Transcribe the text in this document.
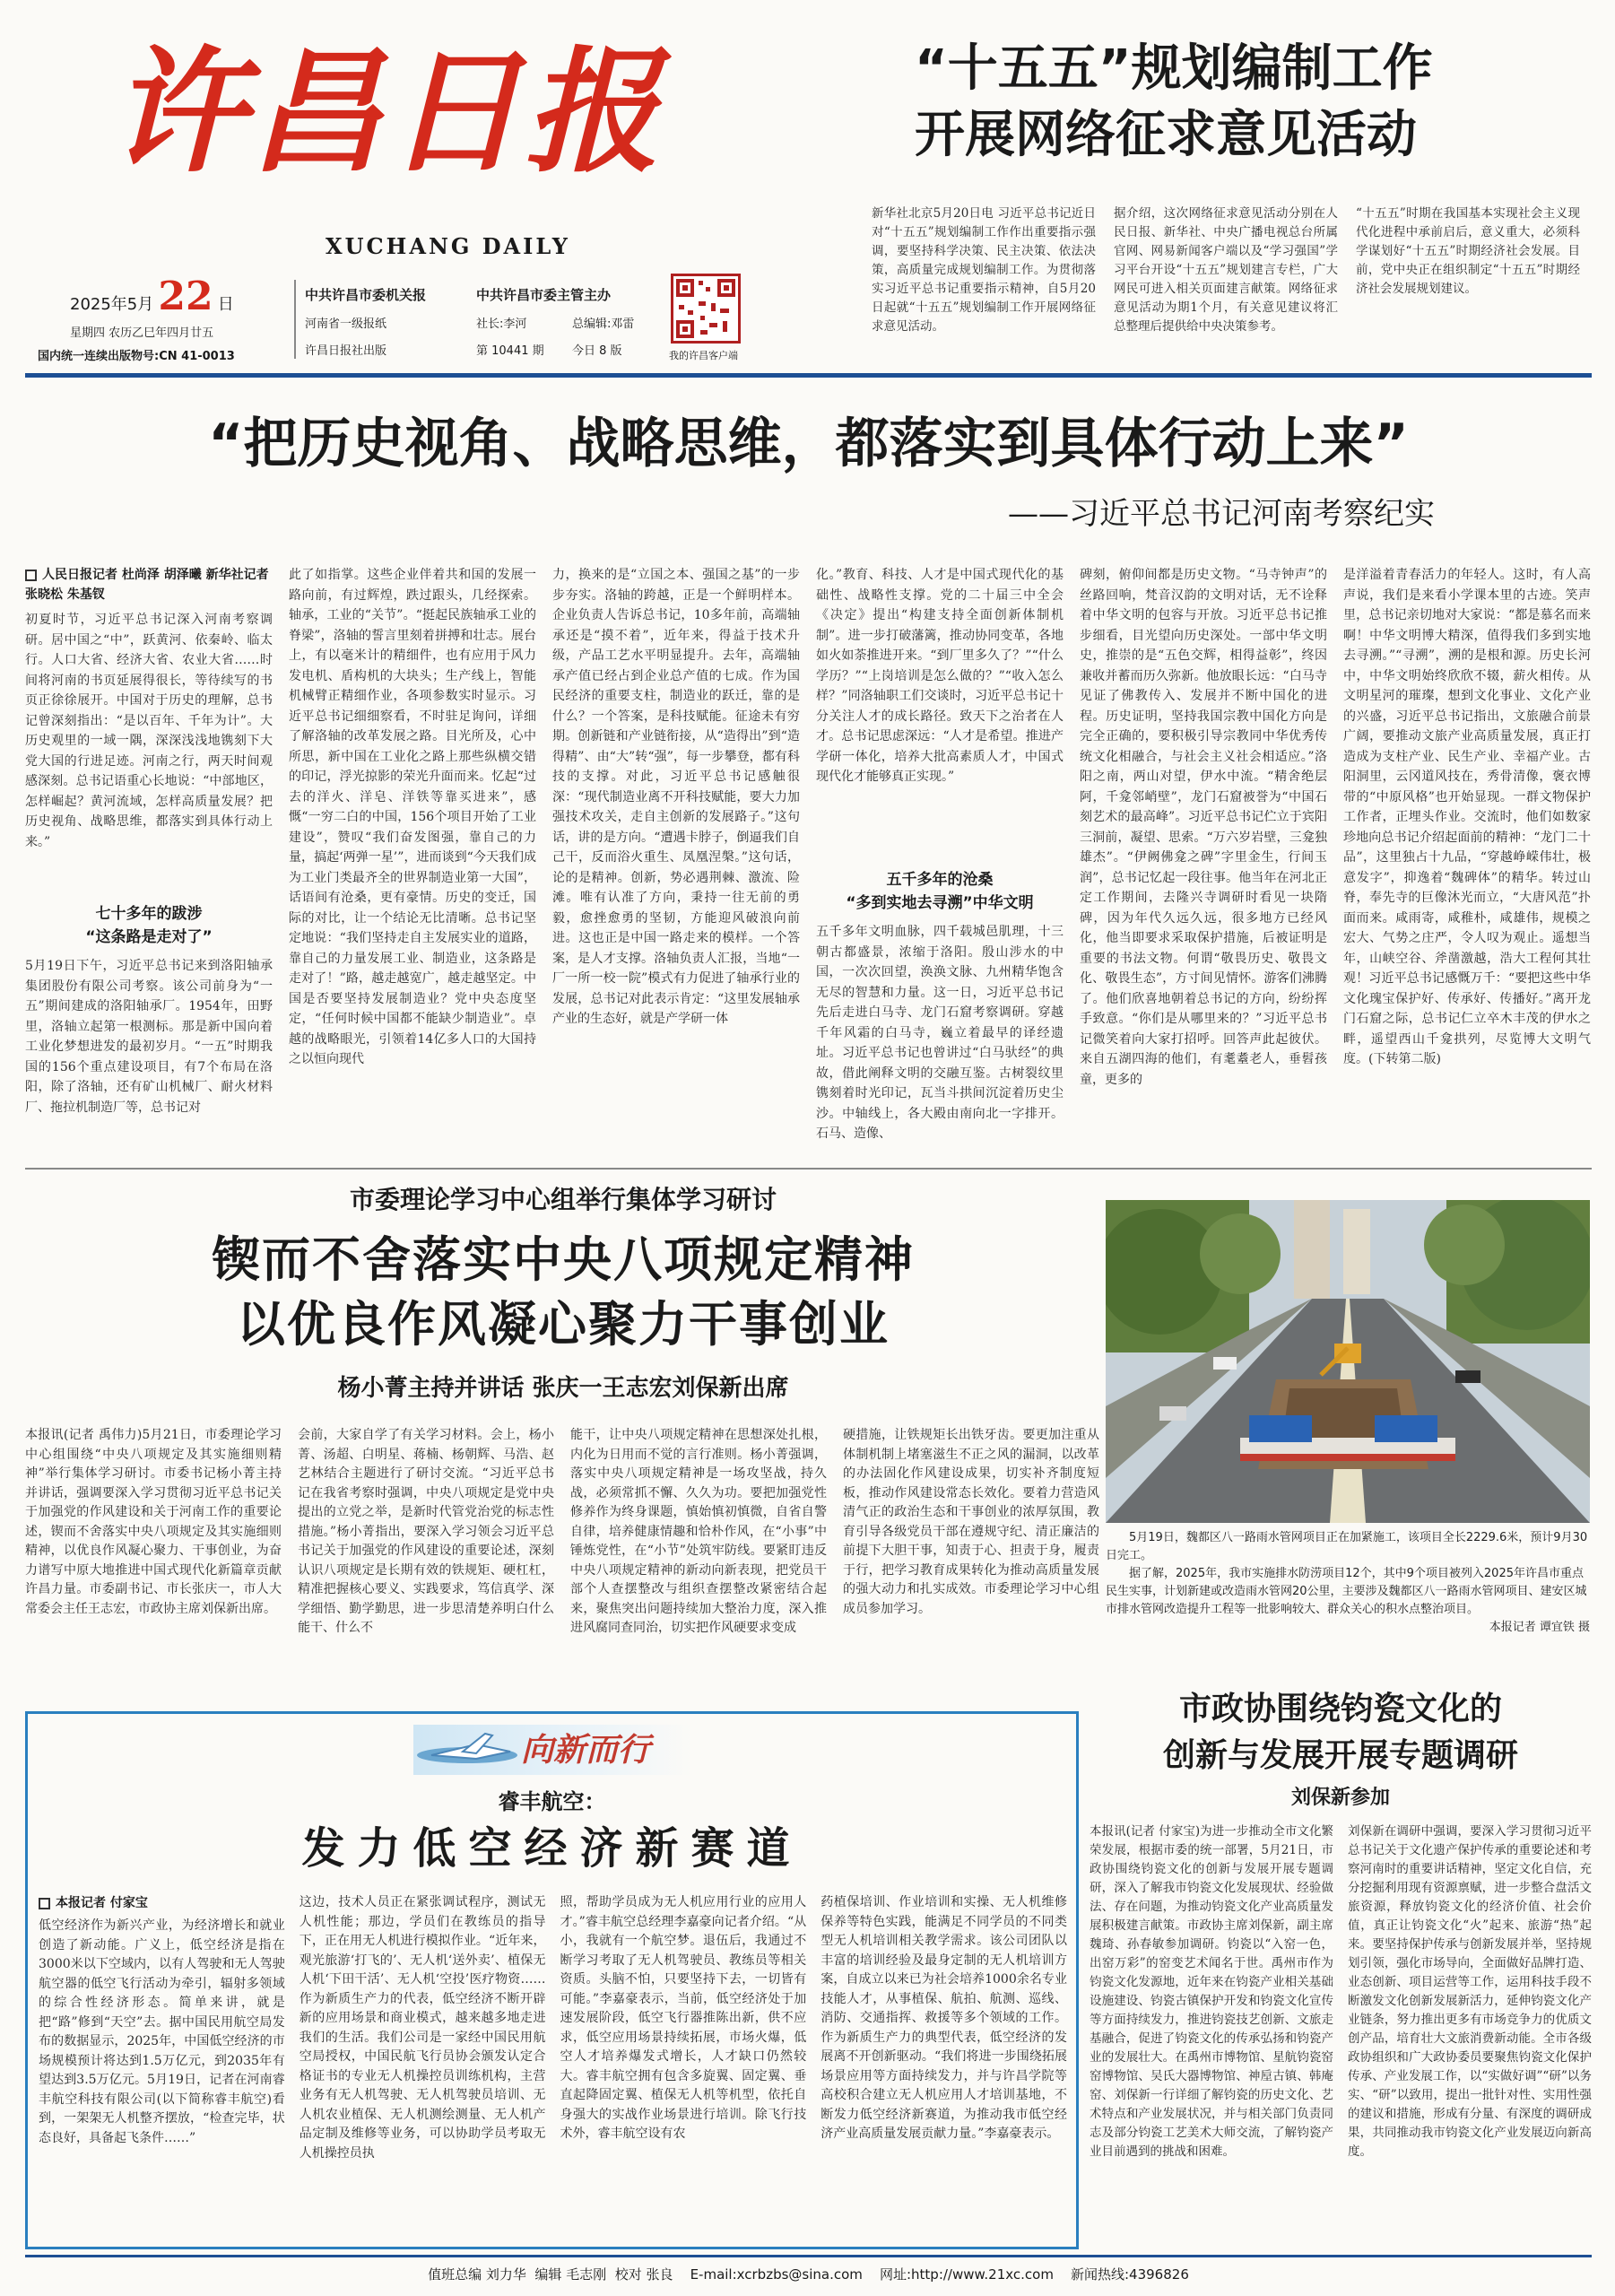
许昌日报
XUCHANG DAILY
2025年5月 22 日
星期四 农历乙巳年四月廿五
国内统一连续出版物号:CN 41-0013
中共许昌市委机关报	中共许昌市委主管主办
河南省一级报纸
许昌日报社出版
社长:李河	总编辑:邓雷
第 10441 期 今日 8 版	我的许昌客户端
“十五五”规划编制工作
开展网络征求意见活动
新华社北京5月20日电 习近平总书记近日对“十五五”规划编制工作作出重要指示强调，要坚持科学决策、民主决策、依法决策，高质量完成规划编制工作。为贯彻落实习近平总书记重要指示精神，自5月20日起就“十五五”规划编制工作开展网络征求意见活动。
据介绍，这次网络征求意见活动分别在人民日报、新华社、中央广播电视总台所属官网、网易新闻客户端以及“学习强国”学习平台开设“十五五”规划建言专栏，广大网民可进入相关页面建言献策。网络征求意见活动为期1个月，有关意见建议将汇总整理后提供给中央决策参考。
“十五五”时期在我国基本实现社会主义现代化进程中承前启后，意义重大，必须科学谋划好“十五五”时期经济社会发展。目前，党中央正在组织制定“十五五”时期经济社会发展规划建议。
“把历史视角、战略思维，都落实到具体行动上来”
——习近平总书记河南考察纪实
人民日报记者 杜尚泽 胡泽曦 新华社记者 张晓松 朱基钗
初夏时节，习近平总书记深入河南考察调研。居中国之“中”，跃黄河、依秦岭、临太行。人口大省、经济大省、农业大省……时间将河南的书页延展得很长，等待续写的书页正徐徐展开。中国对于历史的理解，总书记曾深刻指出：“是以百年、千年为计”。大历史观里的一域一隅，深深浅浅地镌刻下大党大国的行进足迹。河南之行，两天时间观感深刻。总书记语重心长地说：“中部地区，怎样崛起？黄河流域，怎样高质量发展？把历史视角、战略思维，都落实到具体行动上来。”
七十多年的跋涉
“这条路是走对了”
5月19日下午，习近平总书记来到洛阳轴承集团股份有限公司考察。该公司前身为“一五”期间建成的洛阳轴承厂。1954年，田野里，洛轴立起第一根测标。那是新中国向着工业化梦想进发的最初岁月。“一五”时期我国的156个重点建设项目，有7个布局在洛阳，除了洛轴，还有矿山机械厂、耐火材料厂、拖拉机制造厂等，总书记对
此了如指掌。这些企业伴着共和国的发展一路向前，有过辉煌，跌过跟头，几经探索。轴承，工业的“关节”。“挺起民族轴承工业的脊梁”，洛轴的誓言里刻着拼搏和壮志。展台上，有以毫米计的精细件，也有应用于风力发电机、盾构机的大块头；生产线上，智能机械臂正精细作业，各项参数实时显示。习近平总书记细细察看，不时驻足询问，详细了解洛轴的改革发展之路。目光所及，心中所思，新中国在工业化之路上那些纵横交错的印记，浮光掠影的荣光升面而来。忆起“过去的洋火、洋皂、洋铁等靠买进来”，感慨“一穷二白的中国，156个项目开始了工业建设”，赞叹“我们奋发图强，靠自己的力量，搞起‘两弹一星’”，进而谈到“今天我们成为工业门类最齐全的世界制造业第一大国”，话语间有沧桑，更有豪情。历史的变迁，国际的对比，让一个结论无比清晰。总书记坚定地说：“我们坚持走自主发展实业的道路，靠自己的力量发展工业、制造业，这条路是走对了！”路，越走越宽广，越走越坚定。中国是否要坚持发展制造业？党中央态度坚定，“任何时候中国都不能缺少制造业”。卓越的战略眼光，引领着14亿多人口的大国持之以恒向现代
力，换来的是“立国之本、强国之基”的一步步夯实。洛轴的跨越，正是一个鲜明样本。企业负责人告诉总书记，10多年前，高端轴承还是“摸不着”，近年来，得益于技术升级，产品工艺水平明显提升。去年，高端轴承产值已经占到企业总产值的七成。作为国民经济的重要支柱，制造业的跃迁，靠的是什么？一个答案，是科技赋能。征途未有穷期。创新链和产业链衔接，从“造得出”到“造得精”、由“大”转“强”，每一步攀登，都有科技的支撑。对此，习近平总书记感触很深：“现代制造业离不开科技赋能，要大力加强技术攻关，走自主创新的发展路子。”这句话，讲的是方向。“遭遇卡脖子，倒逼我们自己干，反而浴火重生、凤凰涅槃。”这句话，论的是精神。创新，势必遇荆棘、激流、险滩。唯有认准了方向，秉持一往无前的勇毅，愈挫愈勇的坚韧，方能迎风破浪向前进。这也正是中国一路走来的模样。一个答案，是人才支撑。洛轴负责人汇报，当地“一厂一所一校一院”模式有力促进了轴承行业的发展，总书记对此表示肯定：“这里发展轴承产业的生态好，就是产学研一体
化。”教育、科技、人才是中国式现代化的基础性、战略性支撑。党的二十届三中全会《决定》提出“构建支持全面创新体制机制”。进一步打破藩篱，推动协同变革，各地如火如荼推进开来。“到厂里多久了？”“什么学历？”“上岗培训是怎么做的？”“收入怎么样？”同洛轴职工们交谈时，习近平总书记十分关注人才的成长路径。致天下之治者在人才。总书记思虑深远：“人才是希望。推进产学研一体化，培养大批高素质人才，中国式现代化才能够真正实现。”
五千多年的沧桑
“多到实地去寻溯”中华文明
五千多年文明血脉，四千载城邑肌理，十三朝古都盛景，浓缩于洛阳。殷山涉水的中国，一次次回望，涣涣文脉、九州精华饱含无尽的智慧和力量。这一日，习近平总书记先后走进白马寺、龙门石窟考察调研。穿越千年风霜的白马寺，巍立着最早的译经遗址。习近平总书记也曾讲过“白马驮经”的典故，借此阐释文明的交融互鉴。古树裂纹里镌刻着时光印记，瓦当斗拱间沉淀着历史尘沙。中轴线上，各大殿由南向北一字排开。石马、造像、
碑刻，俯仰间都是历史文物。“马寺钟声”的丝路回响，梵音汉韵的文明对话，无不诠释着中华文明的包容与开放。习近平总书记推步细看，目光望向历史深处。一部中华文明史，推崇的是“五色交辉，相得益彰”，终因兼收并蓄而历久弥新。他放眼长远：“白马寺见证了佛教传入、发展并不断中国化的进程。历史证明，坚持我国宗教中国化方向是完全正确的，要积极引导宗教同中华优秀传统文化相融合，与社会主义社会相适应。”洛阳之南，两山对望，伊水中流。“精舍绝层阿，千龛邻峭壁”，龙门石窟被誉为“中国石刻艺术的最高峰”。习近平总书记伫立于宾阳三洞前，凝望、思索。“万六岁岩壁，三龛独雄杰”。“伊阙佛龛之碑”字里金生，行间玉润”，总书记忆起一段往事。他当年在河北正定工作期间，去隆兴寺调研时看见一块隋碑，因为年代久远久远，很多地方已经风化，他当即要求采取保护措施，后被证明是重要的书法文物。何谓“敬畏历史、敬畏文化、敬畏生态”，方寸间见情怀。游客们沸腾了。他们欣喜地朝着总书记的方向，纷纷挥手致意。“你们是从哪里来的？”习近平总书记微笑着向大家打招呼。回答声此起彼伏。来自五湖四海的他们，有耄耋老人，垂髫孩童，更多的
是洋溢着青春活力的年轻人。这时，有人高声说，我们是来看小学课本里的古迹。笑声里，总书记亲切地对大家说：“都是慕名而来啊！中华文明博大精深，值得我们多到实地去寻溯。”“寻溯”，溯的是根和源。历史长河中，中华文明始终欣欣不辍，薪火相传。从文明星河的璀璨，想到文化事业、文化产业的兴盛，习近平总书记指出，文旅融合前景广阔，要推动文旅产业高质量发展，真正打造成为支柱产业、民生产业、幸福产业。古阳洞里，云冈道风技在，秀骨清像，褒衣博带的“中原风格”也开始显现。一群文物保护工作者，正埋头作业。交流时，他们如数家珍地向总书记介绍起面前的精神：“龙门二十品”，这里独占十九品，“穿越峥嵘伟壮，极意发字”，抑逸着“魏碑体”的精华。转过山脊，奉先寺的巨像沐光而立，“大唐风范”扑面而来。咸雨寄，咸稚朴，咸雄伟，规模之宏大、气势之庄严，令人叹为观止。遥想当年，山峡空谷、斧凿激越，浩大工程何其壮观！习近平总书记感慨万千：“要把这些中华文化瑰宝保护好、传承好、传播好。”离开龙门石窟之际，总书记仁立卒木丰茂的伊水之畔，遥望西山千龛拱列，尽览博大文明气度。(下转第二版)
市委理论学习中心组举行集体学习研讨
锲而不舍落实中央八项规定精神
以优良作风凝心聚力干事创业
杨小菁主持并讲话 张庆一王志宏刘保新出席
本报讯(记者 禹伟力)5月21日，市委理论学习中心组围绕“中央八项规定及其实施细则精神”举行集体学习研讨。市委书记杨小菁主持并讲话，强调要深入学习贯彻习近平总书记关于加强党的作风建设和关于河南工作的重要论述，锲而不舍落实中央八项规定及其实施细则精神，以优良作风凝心聚力、干事创业，为奋力谱写中原大地推进中国式现代化新篇章贡献许昌力量。市委副书记、市长张庆一，市人大常委会主任王志宏，市政协主席刘保新出席。
会前，大家自学了有关学习材料。会上，杨小菁、汤超、白明星、蒋楠、杨朝辉、马浩、赵艺林结合主题进行了研讨交流。“习近平总书记在我省考察时强调，中央八项规定是党中央提出的立党之举，是新时代管党治党的标志性措施。”杨小菁指出，要深入学习领会习近平总书记关于加强党的作风建设的重要论述，深刻认识八项规定是长期有效的铁规矩、硬杠杠，精准把握核心要义、实践要求，笃信真学、深学细悟、勤学勤思，进一步思清楚养明白什么能干、什么不
能干，让中央八项规定精神在思想深处扎根，内化为日用而不觉的言行准则。杨小菁强调，落实中央八项规定精神是一场攻坚战，持久战，必须常抓不懈、久久为功。要把加强党性修养作为终身课题，慎始慎初慎微，自省自警自律，培养健康情趣和恰朴作风，在“小事”中锤炼党性，在“小节”处筑牢防线。要紧盯违反中央八项规定精神的新动向新表现，把党员干部个人查摆整改与组织查摆整改紧密结合起来，聚焦突出问题持续加大整治力度，深入推进风腐同查同治，切实把作风硬要求变成
硬措施，让铁规矩长出铁牙齿。要更加注重从体制机制上堵塞滋生不正之风的漏洞，以改革的办法固化作风建设成果，切实补齐制度短板，推动作风建设常态长效化。要着力营造风清气正的政治生态和干事创业的浓厚氛围，教育引导各级党员干部在遵规守纪、清正廉洁的前提下大胆干事，知责于心、担责于身，履责于行，把学习教育成果转化为推动高质量发展的强大动力和扎实成效。市委理论学习中心组成员参加学习。

5月19日，魏都区八一路雨水管网项目正在加紧施工，该项目全长2229.6米，预计9月30日完工。

据了解，2025年，我市实施排水防涝项目12个，其中9个项目被列入2025年许昌市重点民生实事，计划新建或改造雨水管网20公里，主要涉及魏都区八一路雨水管网项目、建安区城市排水管网改造提升工程等一批影响较大、群众关心的积水点整治项目。

本报记者 谭宜铁 摄

向新而行
睿丰航空：
发力低空经济新赛道
本报记者 付家宝
低空经济作为新兴产业，为经济增长和就业创造了新动能。广义上，低空经济是指在3000米以下空域内，以有人驾驶和无人驾驶航空器的低空飞行活动为牵引，辐射多领域的综合性经济形态。简单来讲，就是把“路”修到“天空”去。据中国民用航空局发布的数据显示，2025年，中国低空经济的市场规模预计将达到1.5万亿元，到2035年有望达到3.5万亿元。5月19日，记者在河南睿丰航空科技有限公司(以下简称睿丰航空)看到，一架架无人机整齐摆放，“检查完毕，状态良好，具备起飞条件……”
这边，技术人员正在紧张调试程序，测试无人机性能；那边，学员们在教练员的指导下，正在用无人机进行模拟作业。“近年来，观光旅游‘打飞的’、无人机‘送外卖’、植保无人机‘下田干活’、无人机‘空投’医疗物资……作为新质生产力的代表，低空经济不断开辟新的应用场景和商业模式，越来越多地走进我们的生活。我们公司是一家经中国民用航空局授权，中国民航飞行员协会颁发认定合格证书的专业无人机操控员训练机构，主营业务有无人机驾驶、无人机驾驶员培训、无人机农业植保、无人机测绘测量、无人机产品定制及维修等业务，可以协助学员考取无人机操控员执
照，帮助学员成为无人机应用行业的应用人才。”睿丰航空总经理李嘉豪向记者介绍。“从小，我就有一个航空梦。退伍后，我通过不断学习考取了无人机驾驶员、教练员等相关资质。头脑不怕，只要坚持下去，一切皆有可能。”李嘉豪表示，当前，低空经济处于加速发展阶段，低空飞行器推陈出新，供不应求，低空应用场景持续拓展，市场火爆，低空人才培养爆发式增长，人才缺口仍然较大。睿丰航空拥有包含多旋翼、固定翼、垂直起降固定翼、植保无人机等机型，依托自身强大的实战作业场景进行培训。除飞行技术外，睿丰航空设有农
药植保培训、作业培训和实操、无人机维修保养等特色实践，能满足不同学员的不同类型无人机培训相关教学需求。该公司团队以丰富的培训经验及最身定制的无人机培训方案，自成立以来已为社会培养1000余名专业技能人才，从事植保、航拍、航测、巡线、消防、交通指挥、救援等多个领域的工作。作为新质生产力的典型代表，低空经济的发展离不开创新驱动。“我们将进一步围绕拓展场景应用等方面持续发力，并与许昌学院等高校积合建立无人机应用人才培训基地，不断发力低空经济新赛道，为推动我市低空经济产业高质量发展贡献力量。”李嘉豪表示。
市政协围绕钧瓷文化的
创新与发展开展专题调研
刘保新参加
本报讯(记者 付家宝)为进一步推动全市文化繁荣发展，根据市委的统一部署，5月21日，市政协围绕钧瓷文化的创新与发展开展专题调研，深入了解我市钧瓷文化发展现状、经验做法、存在问题，为推动钧瓷文化产业高质量发展积极建言献策。市政协主席刘保新，副主席魏琦、孙春敏参加调研。钧瓷以“入窑一色，出窑万彩”的窑变艺术闻名于世。禹州市作为钧瓷文化发源地，近年来在钧瓷产业相关基础设施建设、钧瓷古镇保护开发和钧瓷文化宣传等方面持续发力，推进钧瓷技艺创新、文旅走基融合，促进了钧瓷文化的传承弘扬和钧瓷产业的发展壮大。在禹州市博物馆、星航钧瓷窑窑博物馆、吴氏大器博物馆、神垕古镇、韩庵窑、刘保新一行详细了解钧瓷的历史文化、艺术特点和产业发展状况，并与相关部门负责同志及部分钧瓷工艺美术大师交流，了解钧瓷产业目前遇到的挑战和困难。
刘保新在调研中强调，要深入学习贯彻习近平总书记关于文化遗产保护传承的重要论述和考察河南时的重要讲话精神，坚定文化自信，充分挖掘利用现有资源禀赋，进一步整合盘活文旅资源，释放钧瓷文化的经济价值、社会价值，真正让钧瓷文化“火”起来、旅游“热”起来。要坚持保护传承与创新发展并举，坚持规划引领，强化市场导向，全面做好品牌打造、业态创新、项目运营等工作，运用科技手段不断激发文化创新发展新活力，延伸钧瓷文化产业链条，努力推出更多有市场竞争力的优质文创产品，培育壮大文旅消费新动能。全市各级政协组织和广大政协委员要聚焦钧瓷文化保护传承、产业发展工作，以“实做好调”“研”以务实、“研”以致用，提出一批针对性、实用性强的建议和措施，形成有分量、有深度的调研成果，共同推动我市钧瓷文化产业发展迈向新高度。
值班总编 刘力华  编辑 毛志刚  校对 张良    E-mail:xcrbzbs@sina.com    网址:http://www.21xc.com    新闻热线:4396826
